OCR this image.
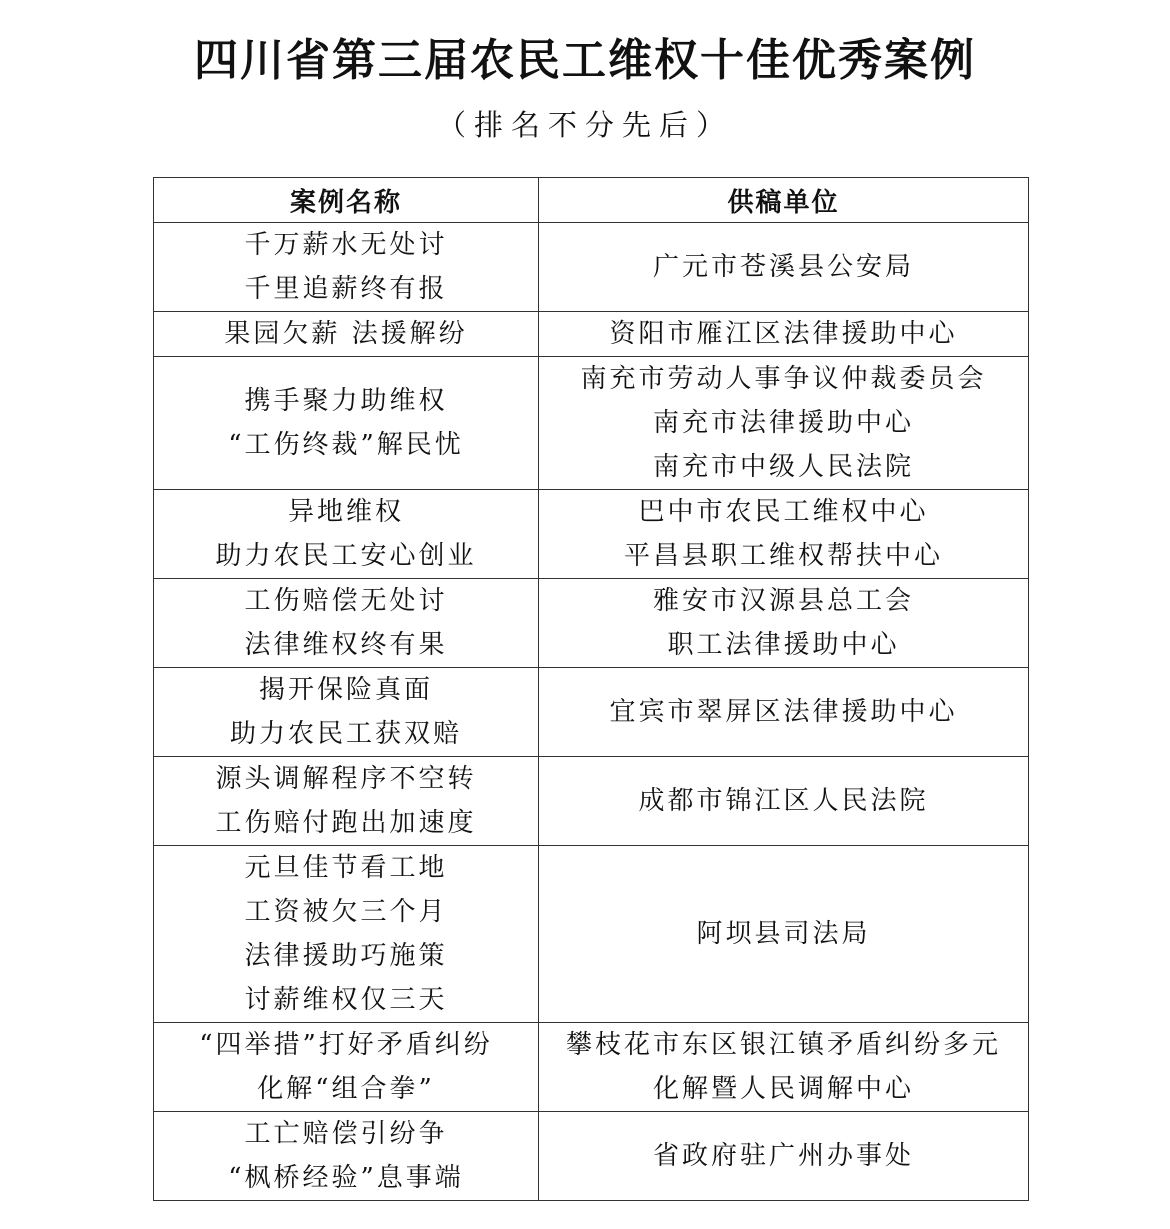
四川省第三届农民工维权十佳优秀案例
（排名不分先后）
案例名称	供稿单位

千万薪水无处讨
千里追薪终有报	广元市苍溪县公安局

果园欠薪 法援解纷	资阳市雁江区法律援助中心

携手聚力助维权
“工伤终裁”解民忧	南充市劳动人事争议仲裁委员会
南充市法律援助中心
南充市中级人民法院

异地维权
助力农民工安心创业	巴中市农民工维权中心
平昌县职工维权帮扶中心

工伤赔偿无处讨
法律维权终有果	雅安市汉源县总工会
职工法律援助中心

揭开保险真面
助力农民工获双赔	宜宾市翠屏区法律援助中心

源头调解程序不空转
工伤赔付跑出加速度	成都市锦江区人民法院

元旦佳节看工地
工资被欠三个月
法律援助巧施策
讨薪维权仅三天	阿坝县司法局

“四举措”打好矛盾纠纷
化解“组合拳”	攀枝花市东区银江镇矛盾纠纷多元
化解暨人民调解中心

工亡赔偿引纷争
“枫桥经验”息事端	省政府驻广州办事处
